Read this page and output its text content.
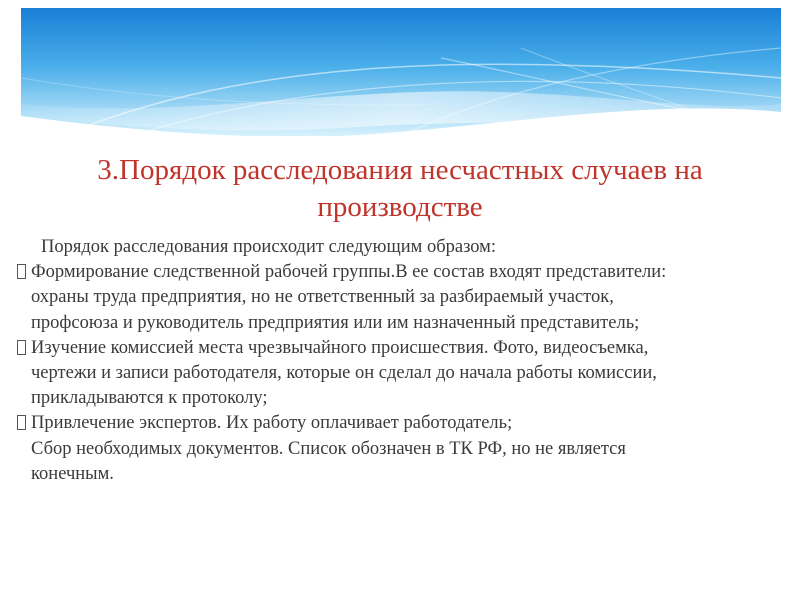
3.Порядок расследования несчастных случаев на
производстве
Порядок расследования происходит следующим образом:
Формирование следственной рабочей группы.В ее состав входят представители:
охраны труда предприятия, но не ответственный за разбираемый участок,
профсоюза и руководитель предприятия или им назначенный представитель;
Изучение комиссией места чрезвычайного происшествия. Фото, видеосъемка,
чертежи и записи работодателя, которые он сделал до начала работы комиссии,
прикладываются к протоколу;
Привлечение экспертов. Их работу оплачивает работодатель;
Сбор необходимых документов. Список обозначен в ТК РФ, но не является
конечным.
